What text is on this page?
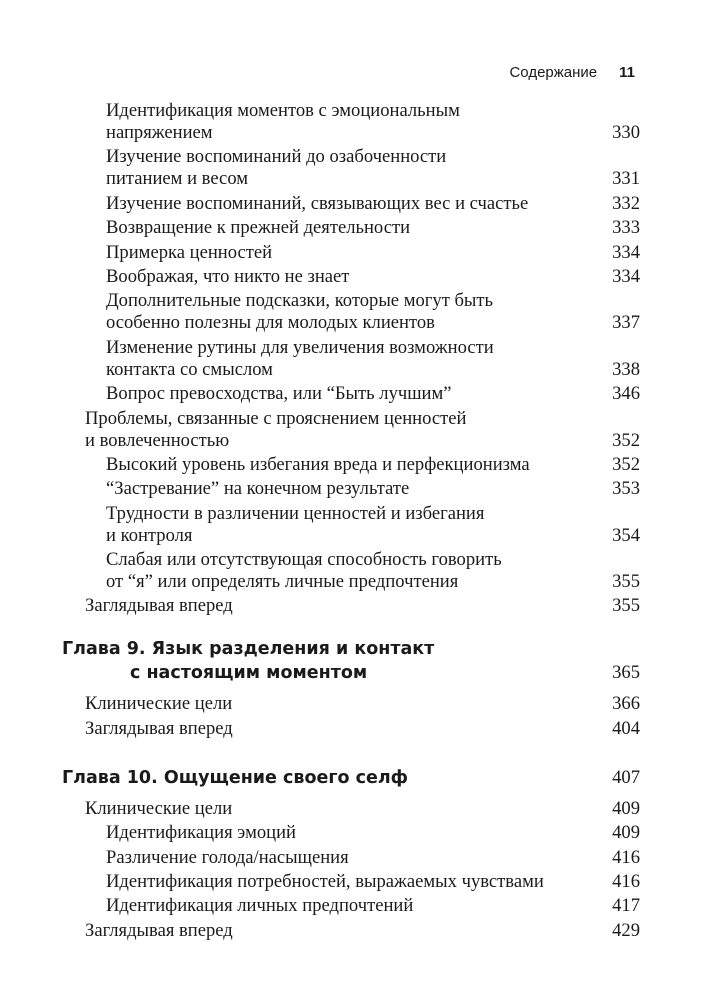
Содержание 11
Идентификация моментов с эмоциональным
напряжением	330
Изучение воспоминаний до озабоченности
питанием и весом	331
Изучение воспоминаний, связывающих вес и счастье	332
Возвращение к прежней деятельности	333
Примерка ценностей	334
Воображая, что никто не знает	334
Дополнительные подсказки, которые могут быть
особенно полезны для молодых клиентов	337
Изменение рутины для увеличения возможности
контакта со смыслом	338
Вопрос превосходства, или “Быть лучшим”	346
Проблемы, связанные с прояснением ценностей
и вовлеченностью	352
Высокий уровень избегания вреда и перфекционизма	352
“Застревание” на конечном результате	353
Трудности в различении ценностей и избегания
и контроля	354
Слабая или отсутствующая способность говорить
от “я” или определять личные предпочтения	355
Заглядывая вперед	355
Глава 9. Язык разделения и контакт
с настоящим моментом	365
Клинические цели	366
Заглядывая вперед	404
Глава 10. Ощущение своего селф	407
Клинические цели	409
Идентификация эмоций	409
Различение голода/насыщения	416
Идентификация потребностей, выражаемых чувствами	416
Идентификация личных предпочтений	417
Заглядывая вперед	429
